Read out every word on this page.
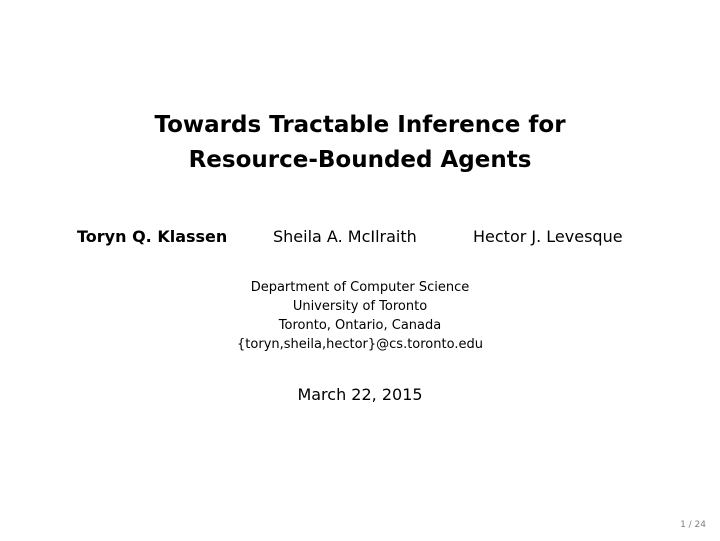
Towards Tractable Inference for
Resource-Bounded Agents
Toryn Q. Klassen	Sheila A. McIlraith	Hector J. Levesque
Department of Computer Science
University of Toronto
Toronto, Ontario, Canada
{toryn,sheila,hector}@cs.toronto.edu
March 22, 2015
1 / 24
